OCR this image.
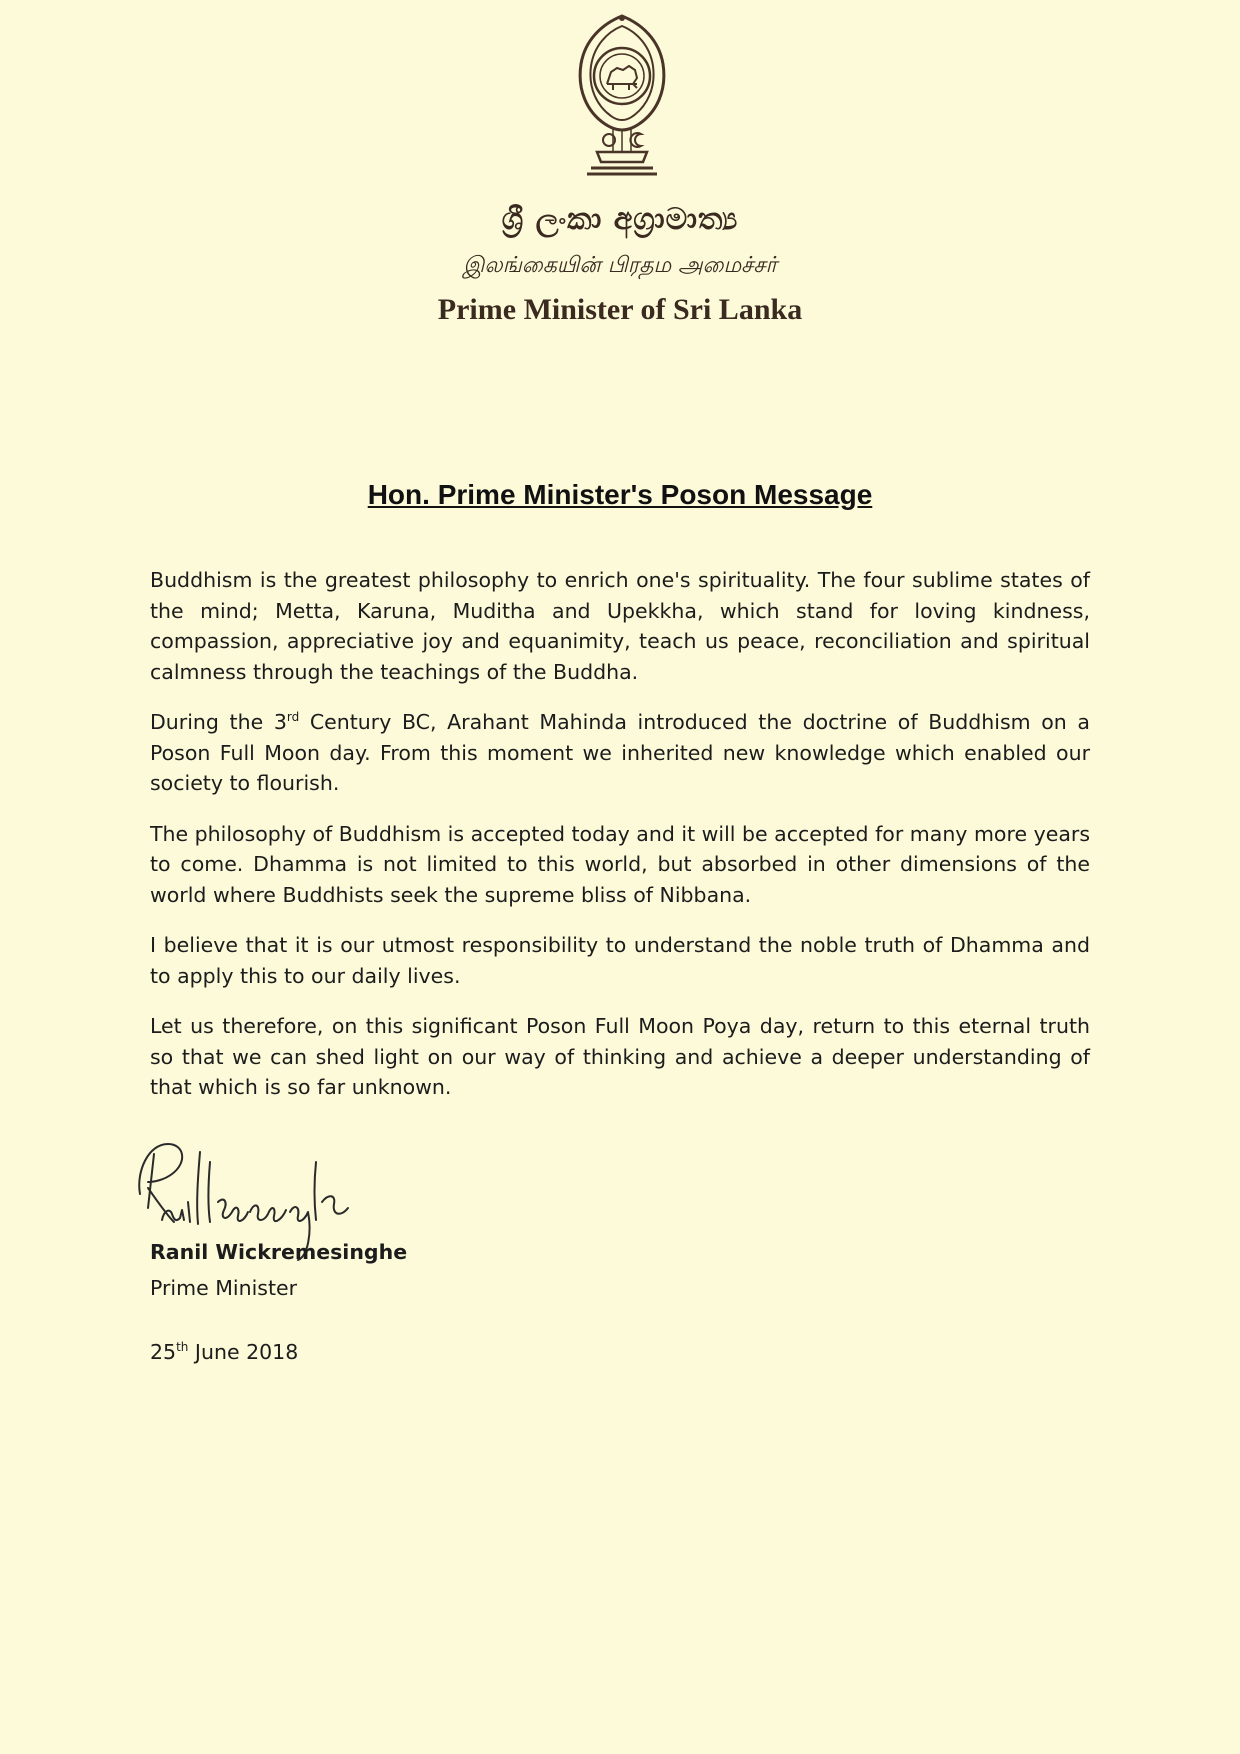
ශ්‍රී ලංකා අග්‍රාමාත්‍ය
இலங்கையின் பிரதம அமைச்சர்
Prime Minister of Sri Lanka
Hon. Prime Minister's Poson Message

Buddhism is the greatest philosophy to enrich one's spirituality. The four sublime states of the mind; Metta, Karuna, Muditha and Upekkha, which stand for loving kindness, compassion, appreciative joy and equanimity, teach us peace, reconciliation and spiritual calmness through the teachings of the Buddha.

During the 3rd Century BC, Arahant Mahinda introduced the doctrine of Buddhism on a Poson Full Moon day. From this moment we inherited new knowledge which enabled our society to flourish.

The philosophy of Buddhism is accepted today and it will be accepted for many more years to come. Dhamma is not limited to this world, but absorbed in other dimensions of the world where Buddhists seek the supreme bliss of Nibbana.

I believe that it is our utmost responsibility to understand the noble truth of Dhamma and to apply this to our daily lives.

Let us therefore, on this significant Poson Full Moon Poya day, return to this eternal truth so that we can shed light on our way of thinking and achieve a deeper understanding of that which is so far unknown.

Ranil Wickremesinghe
Prime Minister
25th June 2018
